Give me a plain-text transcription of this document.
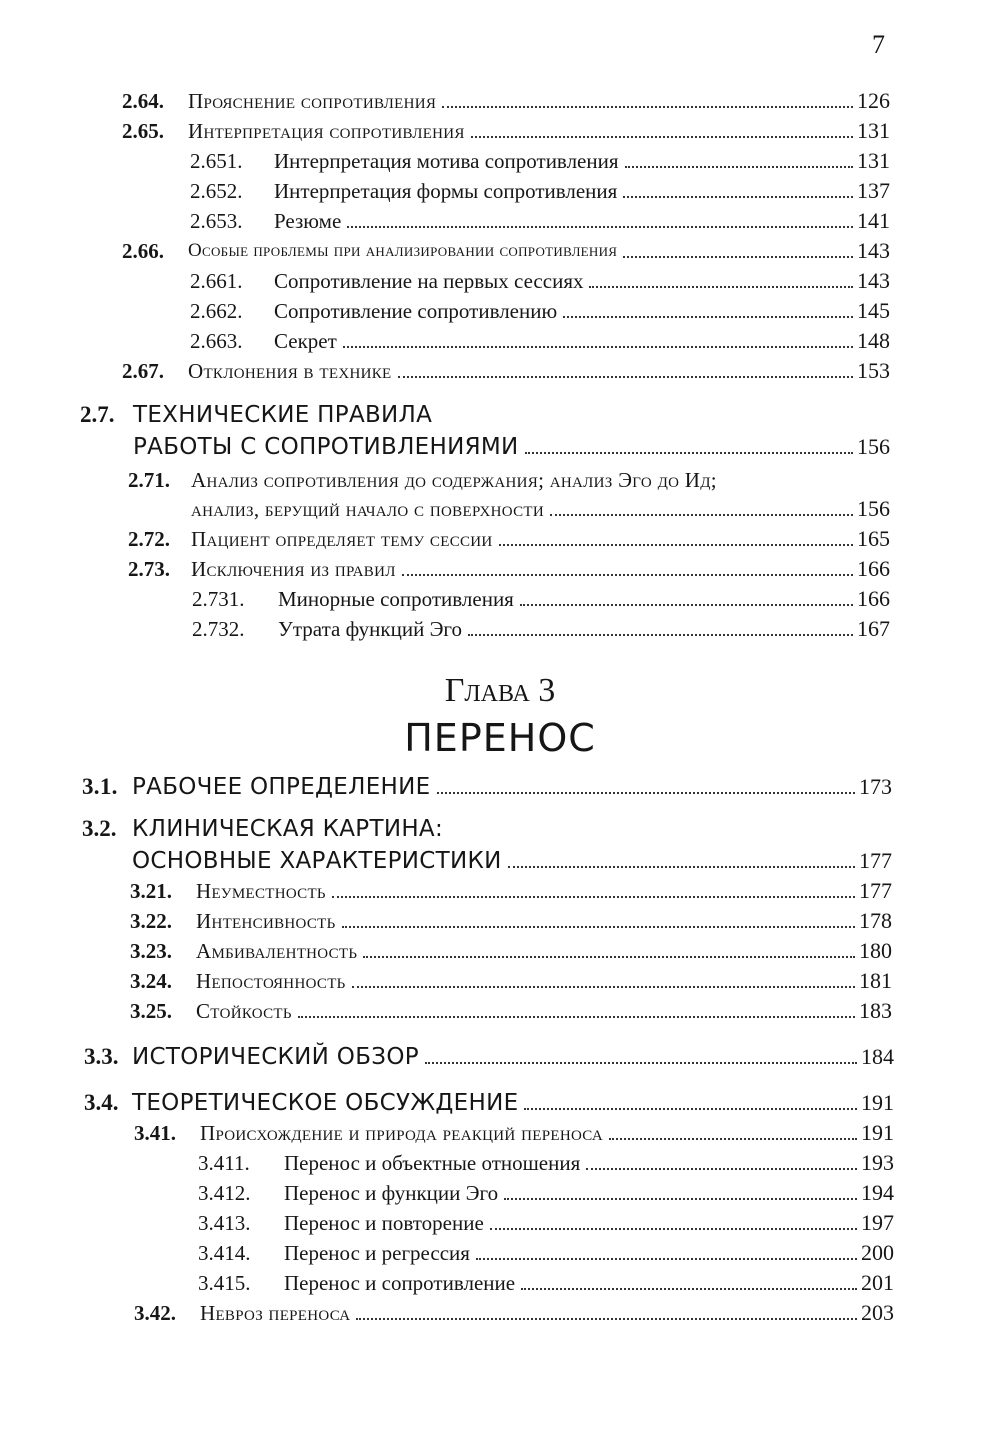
7
2.64.	Прояснение сопротивления	126
2.65.	Интерпретация сопротивления	131
2.651.	Интерпретация мотива сопротивления	131
2.652.	Интерпретация формы сопротивления	137
2.653.	Резюме	141
2.66.	Особые проблемы при анализировании сопротивления	143
2.661.	Сопротивление на первых сессиях	143
2.662.	Сопротивление сопротивлению	145
2.663.	Секрет	148
2.67.	Отклонения в технике	153
2.7. ТЕХНИЧЕСКИЕ ПРАВИЛА
РАБОТЫ С СОПРОТИВЛЕНИЯМИ	156
2.71. Анализ сопротивления до содержания; анализ Эго до Ид;
анализ, берущий начало с поверхности	156
2.72.	Пациент определяет тему сессии	165
2.73.	Исключения из правил	166
2.731.	Минорные сопротивления	166
2.732.	Утрата функций Эго	167
Глава 3
ПЕРЕНОС
3.1. РАБОЧЕЕ ОПРЕДЕЛЕНИЕ	173
3.2. КЛИНИЧЕСКАЯ КАРТИНА:
ОСНОВНЫЕ ХАРАКТЕРИСТИКИ	177
3.21.	Неуместность	177
3.22.	Интенсивность	178
3.23.	Амбивалентность	180
3.24.	Непостоянность	181
3.25.	Стойкость	183
3.3. ИСТОРИЧЕСКИЙ ОБЗОР	184
3.4. ТЕОРЕТИЧЕСКОЕ ОБСУЖДЕНИЕ	191
3.41.	Происхождение и природа реакций переноса	191
3.411.	Перенос и объектные отношения	193
3.412.	Перенос и функции Эго	194
3.413.	Перенос и повторение	197
3.414.	Перенос и регрессия	200
3.415.	Перенос и сопротивление	201
3.42.	Невроз переноса	203
